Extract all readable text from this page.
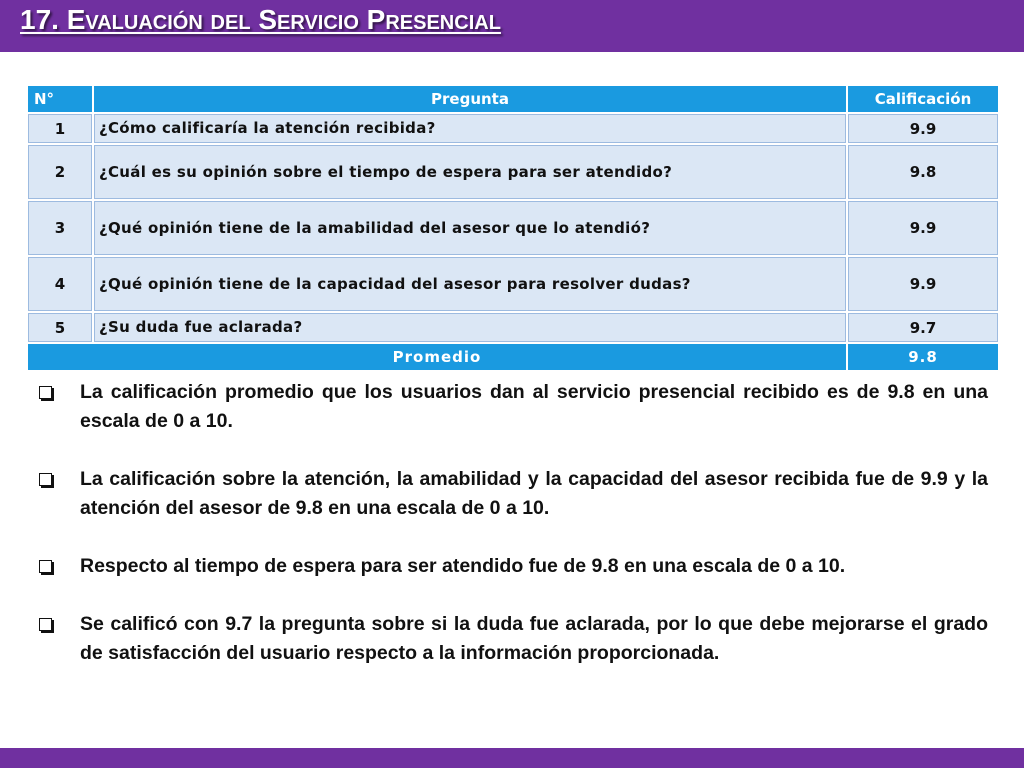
17. Evaluación del Servicio Presencial
N°	Pregunta	Calificación
1	¿Cómo calificaría la atención recibida?	9.9
2	¿Cuál es su opinión sobre el tiempo de espera para ser atendido?	9.8
3	¿Qué opinión tiene de la amabilidad del asesor que lo atendió?	9.9
4	¿Qué opinión tiene de la capacidad del asesor para resolver dudas?	9.9
5	¿Su duda fue aclarada?	9.7
Promedio		9.8
La calificación promedio que los usuarios dan al servicio presencial recibido es de 9.8 en una escala de 0 a 10.
La calificación sobre la atención, la amabilidad y la capacidad del asesor recibida fue de 9.9 y la atención del asesor de 9.8 en una escala de 0 a 10.
Respecto al tiempo de espera para ser atendido fue de 9.8 en una escala de 0 a 10.
Se calificó con 9.7 la pregunta sobre si la duda fue aclarada, por lo que debe mejorarse el grado de satisfacción del usuario respecto a la información proporcionada.
